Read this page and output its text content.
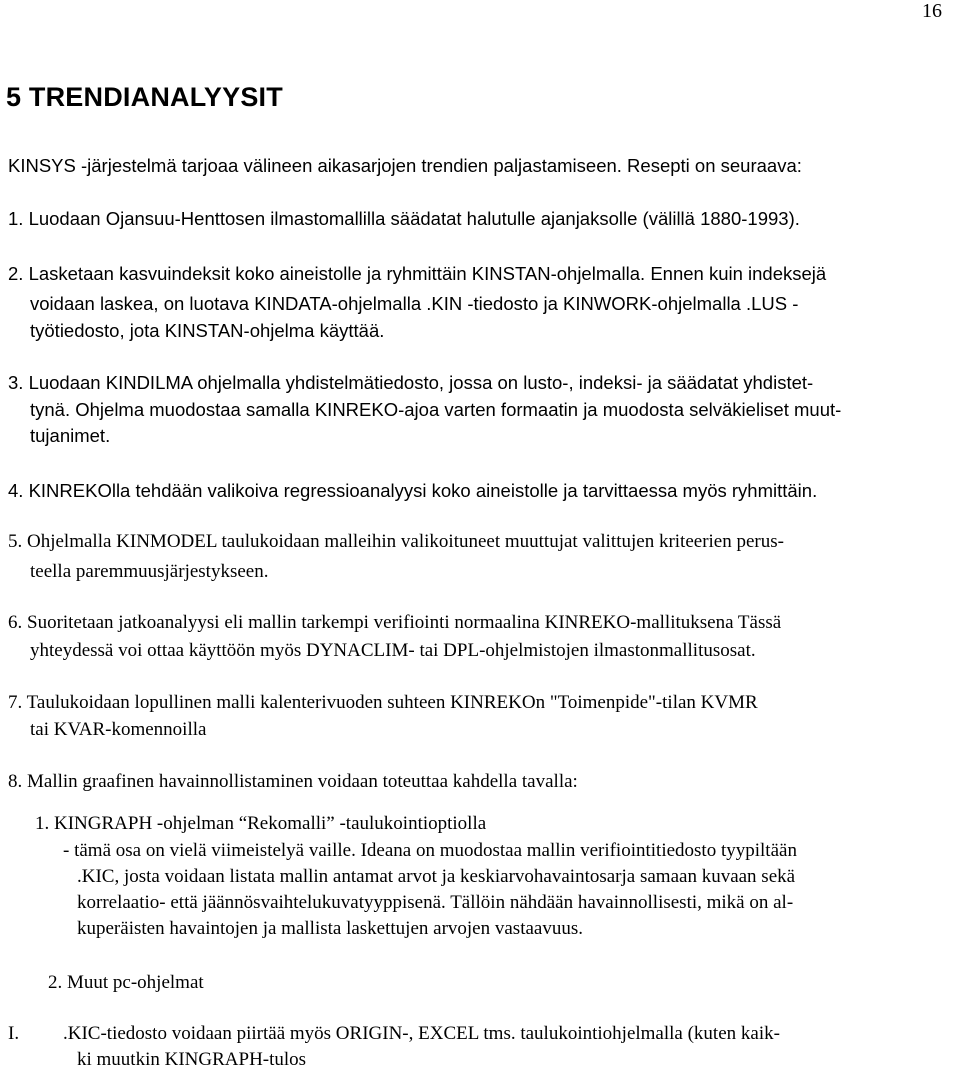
16
5 TRENDIANALYYSIT
KINSYS -järjestelmä tarjoaa välineen aikasarjojen trendien paljastamiseen. Resepti on seuraava:
1. Luodaan Ojansuu-Henttosen ilmastomallilla säädatat halutulle ajanjaksolle (välillä 1880-1993).
2. Lasketaan kasvuindeksit koko aineistolle ja ryhmittäin KINSTAN-ohjelmalla. Ennen kuin indeksejä
voidaan laskea, on luotava KINDATA-ohjelmalla .KIN -tiedosto ja KINWORK-ohjelmalla .LUS -
työtiedosto, jota KINSTAN-ohjelma käyttää.
3. Luodaan KINDILMA ohjelmalla yhdistelmätiedosto, jossa on lusto-, indeksi- ja säädatat yhdistet-
tynä. Ohjelma muodostaa samalla KINREKO-ajoa varten formaatin ja muodosta selväkieliset muut-
tujanimet.
4. KINREKOlla tehdään valikoiva regressioanalyysi koko aineistolle ja tarvittaessa myös ryhmittäin.
5. Ohjelmalla KINMODEL taulukoidaan malleihin valikoituneet muuttujat valittujen kriteerien perus-
teella paremmuusjärjestykseen.
6. Suoritetaan jatkoanalyysi eli mallin tarkempi verifiointi normaalina KINREKO-mallituksena Tässä
yhteydessä voi ottaa käyttöön myös DYNACLIM- tai DPL-ohjelmistojen ilmastonmallitusosat.
7. Taulukoidaan lopullinen malli kalenterivuoden suhteen KINREKOn "Toimenpide"-tilan KVMR
tai KVAR-komennoilla
8. Mallin graafinen havainnollistaminen voidaan toteuttaa kahdella tavalla:
1. KINGRAPH -ohjelman “Rekomalli” -taulukointioptiolla
- tämä osa on vielä viimeistelyä vaille. Ideana on muodostaa mallin verifiointitiedosto tyypiltään
.KIC, josta voidaan listata mallin antamat arvot ja keskiarvohavaintosarja samaan kuvaan sekä
korrelaatio- että jäännösvaihtelukuvatyyppisenä. Tällöin nähdään havainnollisesti, mikä on al-
kuperäisten havaintojen ja mallista laskettujen arvojen vastaavuus.
2. Muut pc-ohjelmat
I. .KIC-tiedosto voidaan piirtää myös ORIGIN-, EXCEL tms. taulukointiohjelmalla (kuten kaik-
ki muutkin KINGRAPH-tulos
